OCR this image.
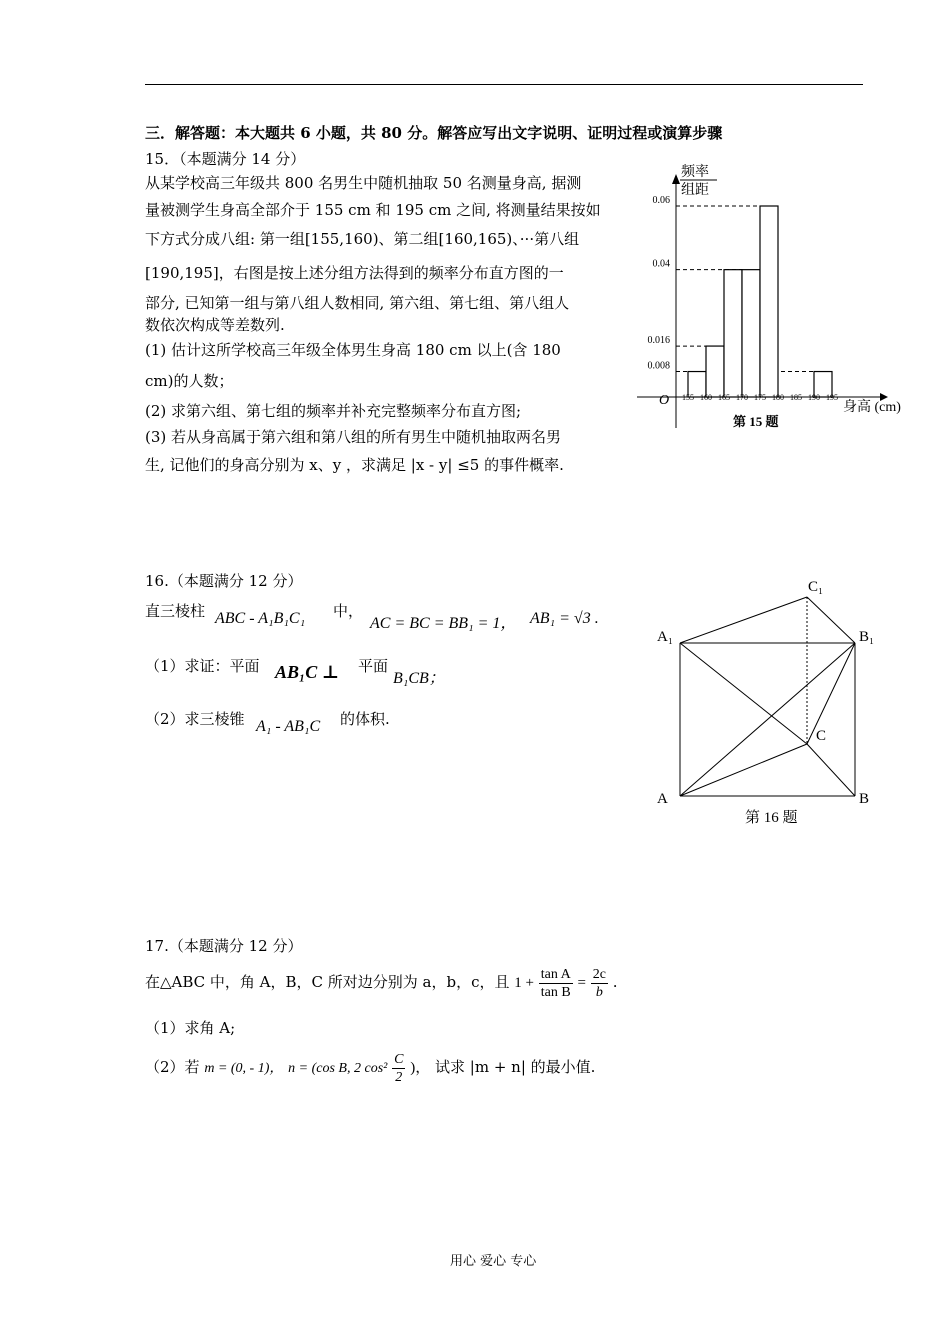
三．解答题：本大题共 6 小题，共 80 分。解答应写出文字说明、证明过程或演算步骤
15．（本题满分 14 分）
从某学校高三年级共 800 名男生中随机抽取 50 名测量身高, 据测
量被测学生身高全部介于 155 cm 和 195 cm 之间, 将测量结果按如
下方式分成八组: 第一组[155,160)、第二组[160,165)、···第八组
[190,195]，右图是按上述分组方法得到的频率分布直方图的一
部分, 已知第一组与第八组人数相同, 第六组、第七组、第八组人
数依次构成等差数列.
(1) 估计这所学校高三年级全体男生身高 180 cm 以上(含 180
cm)的人数；
(2) 求第六组、第七组的频率并补充完整频率分布直方图;
(3) 若从身高属于第六组和第八组的所有男生中随机抽取两名男
生, 记他们的身高分别为 x、y ，求满足 |x - y| ≤5 的事件概率.
频率
组距
O	身高 (cm)
第 15 题
0.008
0.016
0.04
0.06
155 160 165 170 175 180 185 190 195
16.（本题满分 12 分）
直三棱柱 ABC - A₁B₁C₁ 中，
AC = BC = BB₁ = 1， AB₁ = √3 .
（1）求证：平面 AB₁C ⊥ 平面
B₁CB；
（2）求三棱锥 A₁ - AB₁C 的体积.
C₁
A₁	B₁
C
A	B
第 16 题
17.（本题满分 12 分）
在△ABC 中，角 A，B，C 所对边分别为 a，b，c，且 $1 + \frac{\text{tan A}}{\text{tan B}} = \frac{2c}{b}$ .
（1）求角 A;
（2）若 m = (0, - 1)， n = (cos B, 2 $\cos^2 \frac{C}{2}$ )， 试求 |m + n| 的最小值.
用心 爱心 专心
